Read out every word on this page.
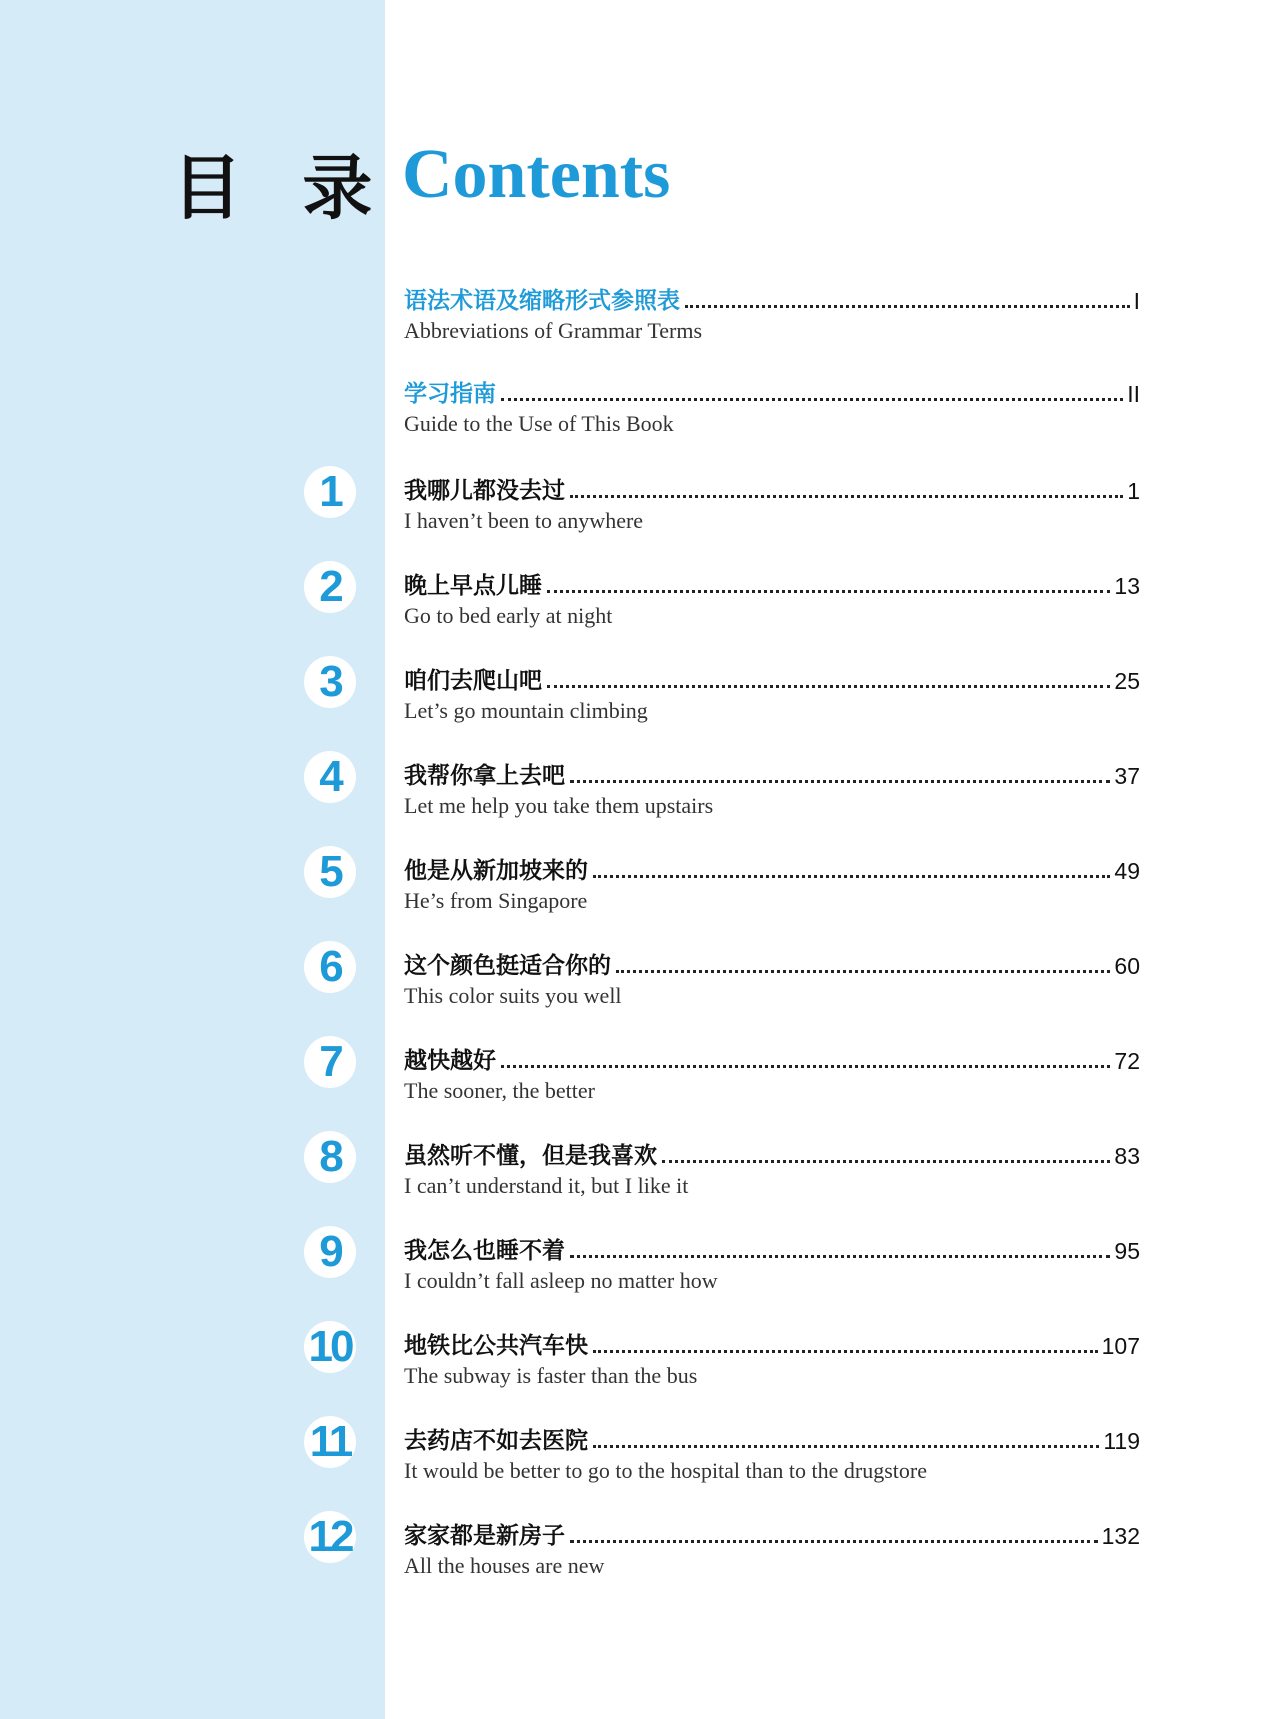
目 录 Contents
语法术语及缩略形式参照表	I
Abbreviations of Grammar Terms
学习指南	II
Guide to the Use of This Book
1	我哪儿都没去过	1
I haven’t been to anywhere
2	晚上早点儿睡	13
Go to bed early at night
3	咱们去爬山吧	25
Let’s go mountain climbing
4	我帮你拿上去吧	37
Let me help you take them upstairs
5	他是从新加坡来的	49
He’s from Singapore
6	这个颜色挺适合你的	60
This color suits you well
7	越快越好	72
The sooner, the better
8	虽然听不懂，但是我喜欢	83
I can’t understand it, but I like it
9	我怎么也睡不着	95
I couldn’t fall asleep no matter how
10 地铁比公共汽车快	107
The subway is faster than the bus
11 去药店不如去医院	119
It would be better to go to the hospital than to the drugstore
12 家家都是新房子	132
All the houses are new
